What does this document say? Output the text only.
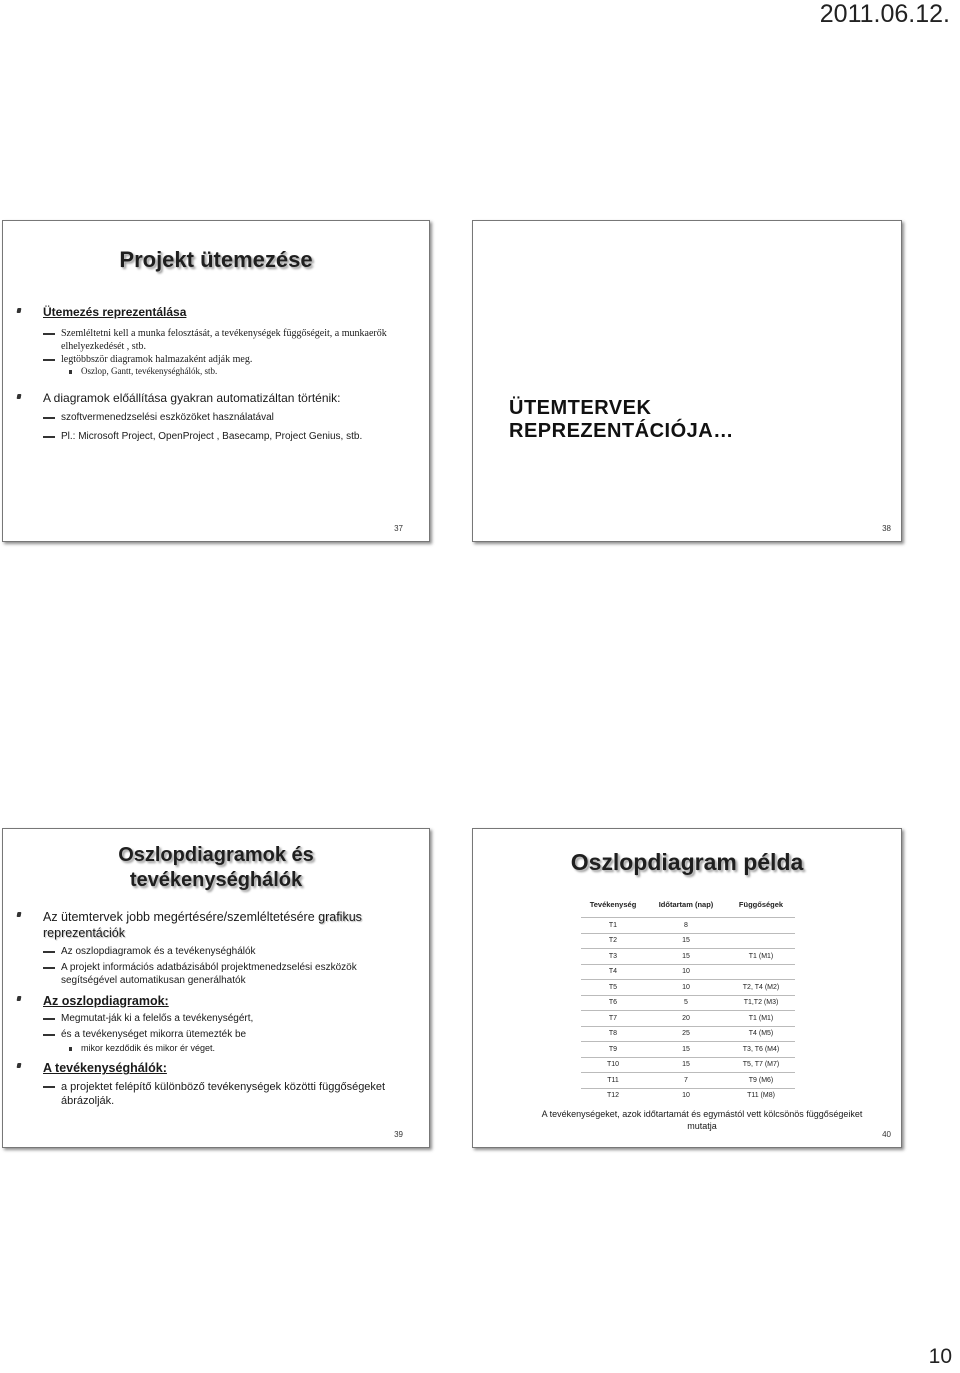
2011.06.12.
Projekt ütemezése
Ütemezés reprezentálása
Szemléltetni kell a munka felosztását, a tevékenységek függőségeit, a munkaerők elhelyezkedését , stb.
legtöbbször diagramok halmazaként adják meg.
Oszlop, Gantt, tevékenységhálók, stb.
A diagramok előállítása gyakran automatizáltan történik:
szoftvermenedzselési eszközöket használatával
Pl.: Microsoft Project, OpenProject , Basecamp, Project Genius, stb.
37
ÜTEMTERVEK
REPREZENTÁCIÓJA…
38
Oszlopdiagramok és
tevékenységhálók
Az ütemtervek jobb megértésére/szemléltetésére grafikus reprezentációk
Az oszlopdiagramok és a tevékenységhálók
A projekt információs adatbázisából projektmenedzselési eszközök segítségével automatikusan generálhatók
Az oszlopdiagramok:
Megmutat-ják ki a felelős a tevékenységért,
és a tevékenységet mikorra ütemezték be
mikor kezdődik és mikor ér véget.
A tevékenységhálók:
a projektet felépítő különböző tevékenységek közötti függőségeket ábrázolják.
39
Oszlopdiagram példa
Tevékenység	Időtartam (nap)	Függőségek
T1	8	
T2	15	
T3	15	T1 (M1)
T4	10	
T5	10	T2, T4 (M2)
T6	5	T1,T2 (M3)
T7	20	T1 (M1)
T8	25	T4 (M5)
T9	15	T3, T6 (M4)
T10	15	T5, T7 (M7)
T11	7	T9 (M6)
T12	10	T11 (M8)
A tevékenységeket, azok időtartamát és egymástól vett kölcsönös függőségeiket mutatja
40
10
